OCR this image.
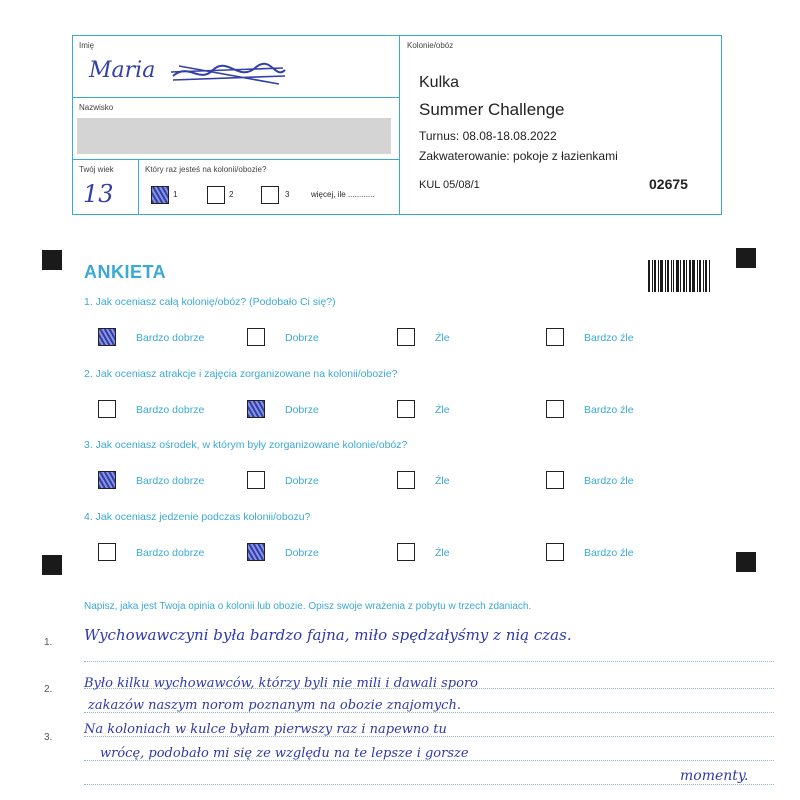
Imię
Maria
Nazwisko
Twój wiek
13
Który raz jesteś na kolonii/obozie?
1	2	3	więcej, ile ............
Kolonie/obóz
Kulka
Summer Challenge
Turnus: 08.08-18.08.2022
Zakwaterowanie: pokoje z łazienkami
KUL 05/08/1	02675
ANKIETA
1. Jak oceniasz całą kolonię/obóz? (Podobało Ci się?)
Bardzo dobrze	Dobrze	Źle	Bardzo źle
2. Jak oceniasz atrakcje i zajęcia zorganizowane na kolonii/obozie?
Bardzo dobrze	Dobrze	Źle	Bardzo źle
3. Jak oceniasz ośrodek, w którym były zorganizowane kolonie/obóz?
Bardzo dobrze	Dobrze	Źle	Bardzo źle
4. Jak oceniasz jedzenie podczas kolonii/obozu?
Bardzo dobrze	Dobrze	Źle	Bardzo źle
Napisz, jaka jest Twoja opinia o kolonii lub obozie. Opisz swoje wrażenia z pobytu w trzech zdaniach.
1.
2.
3.
Wychowawczyni była bardzo fajna, miło spędzałyśmy z nią czas.
Było kilku wychowawców, którzy byli nie mili i dawali sporo
zakazów naszym norom poznanym na obozie znajomych.
Na koloniach w kulce byłam pierwszy raz i napewno tu
wrócę, podobało mi się ze względu na te lepsze i gorsze
momenty.
